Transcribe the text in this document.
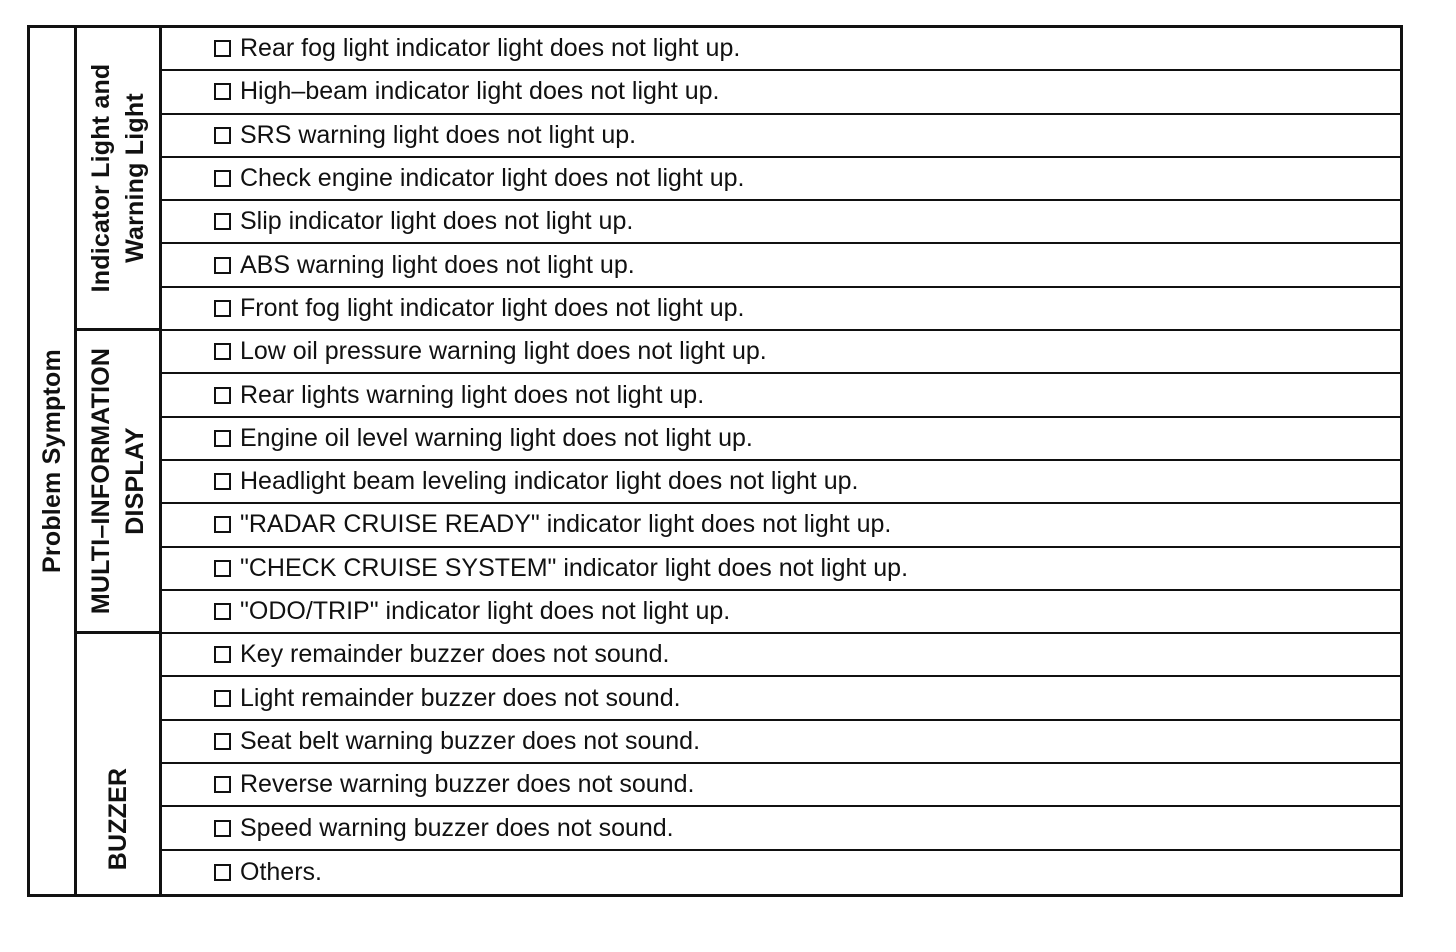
Problem Symptom
Indicator Light and Warning Light
Rear fog light indicator light does not light up.
High–beam indicator light does not light up.
SRS warning light does not light up.
Check engine indicator light does not light up.
Slip indicator light does not light up.
ABS warning light does not light up.
Front fog light indicator light does not light up.
MULTI–INFORMATION DISPLAY
Low oil pressure warning light does not light up.
Rear lights warning light does not light up.
Engine oil level warning light does not light up.
Headlight beam leveling indicator light does not light up.
"RADAR CRUISE READY" indicator light does not light up.
"CHECK CRUISE SYSTEM" indicator light does not light up.
"ODO/TRIP" indicator light does not light up.
BUZZER
Key remainder buzzer does not sound.
Light remainder buzzer does not sound.
Seat belt warning buzzer does not sound.
Reverse warning buzzer does not sound.
Speed warning buzzer does not sound.
Others.
